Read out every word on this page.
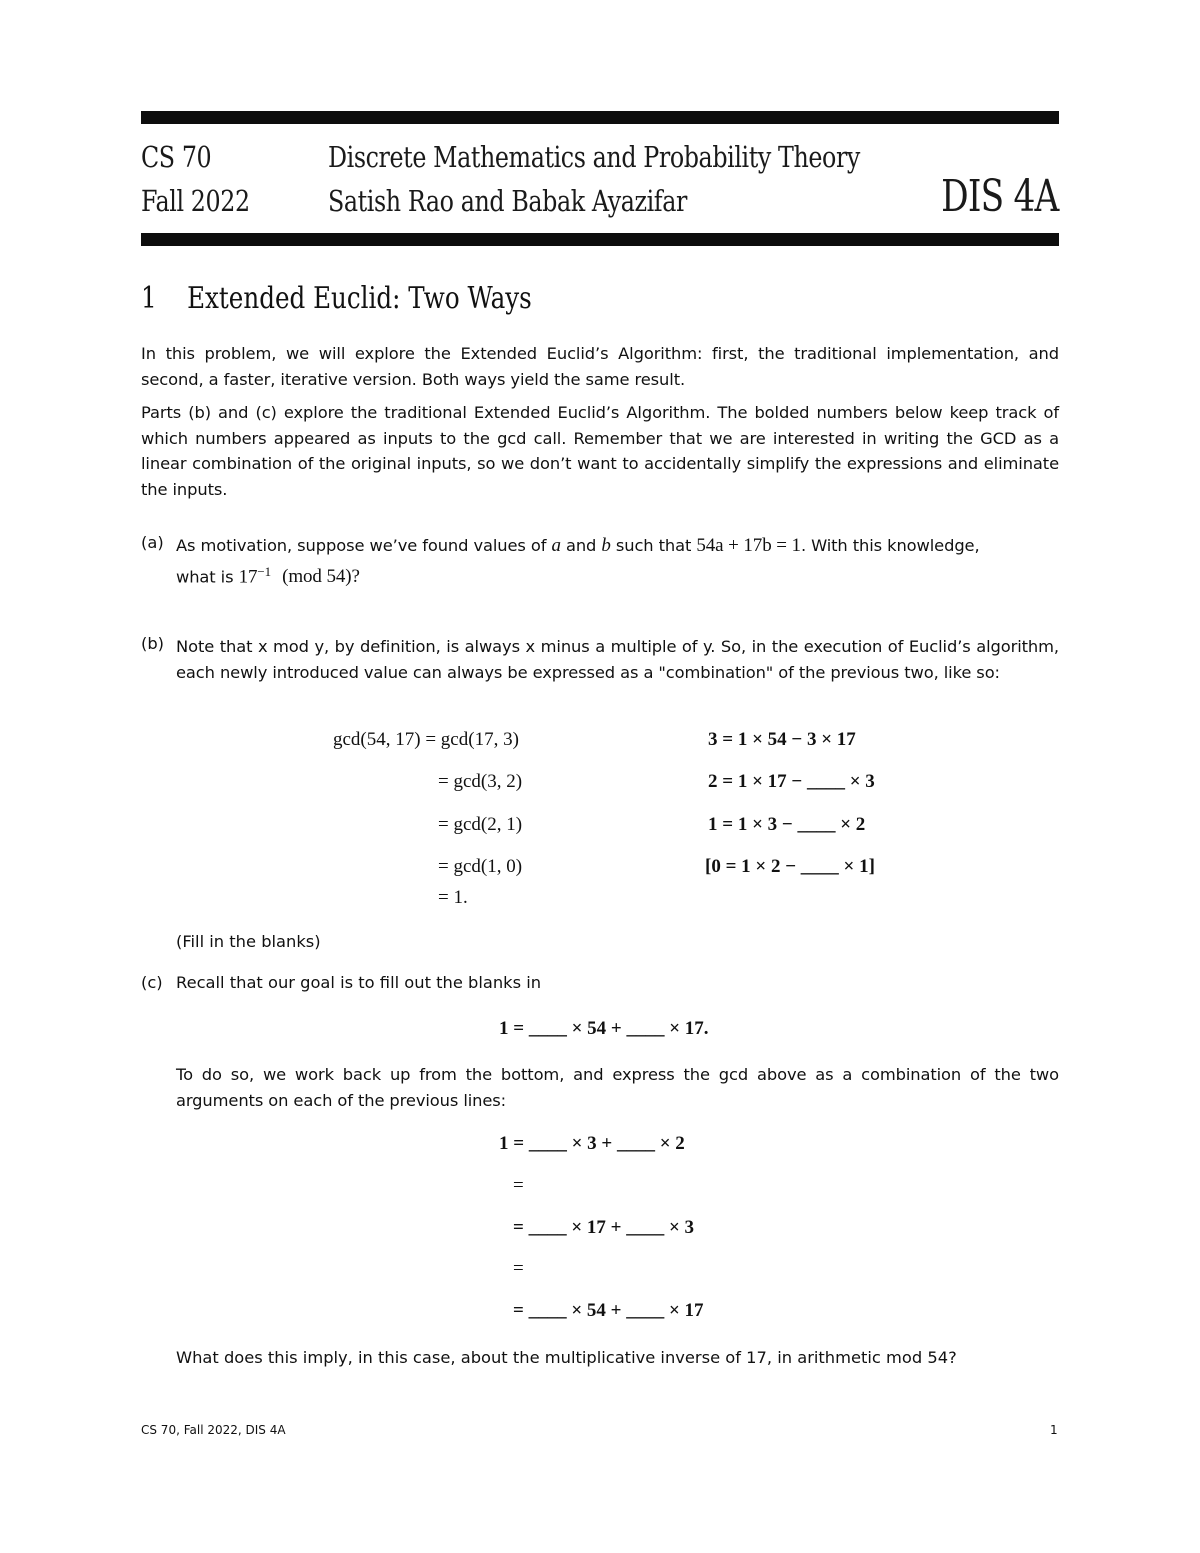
CS 70
Fall 2022
Discrete Mathematics and Probability Theory
Satish Rao and Babak Ayazifar	DIS 4A
1 Extended Euclid: Two Ways
In this problem, we will explore the Extended Euclid’s Algorithm: first, the traditional implementation, and second, a faster, iterative version. Both ways yield the same result.
Parts (b) and (c) explore the traditional Extended Euclid’s Algorithm. The bolded numbers below keep track of which numbers appeared as inputs to the gcd call. Remember that we are interested in writing the GCD as a linear combination of the original inputs, so we don’t want to accidentally simplify the expressions and eliminate the inputs.
(a) As motivation, suppose we’ve found values of a and b such that 54a + 17b = 1. With this knowledge,
what is $17^{-1}$ (mod 54)?
(b) Note that x mod y, by definition, is always x minus a multiple of y. So, in the execution of Euclid’s algorithm, each newly introduced value can always be expressed as a "combination" of the previous two, like so:
gcd(54, 17) = gcd(17, 3)
= gcd(3, 2)
= gcd(2, 1)
= gcd(1, 0)
= 1.
3 = 1 × 54 − 3 × 17
2 = 1 × 17 − ____ × 3
1 = 1 × 3 − ____ × 2
[0 = 1 × 2 − ____ × 1]
(Fill in the blanks)
(c) Recall that our goal is to fill out the blanks in
1 = ____ × 54 + ____ × 17.
To do so, we work back up from the bottom, and express the gcd above as a combination of the two arguments on each of the previous lines:
1 = ____ × 3 + ____ × 2
=
= ____ × 17 + ____ × 3
=
= ____ × 54 + ____ × 17
What does this imply, in this case, about the multiplicative inverse of 17, in arithmetic mod 54?
CS 70, Fall 2022, DIS 4A	1
